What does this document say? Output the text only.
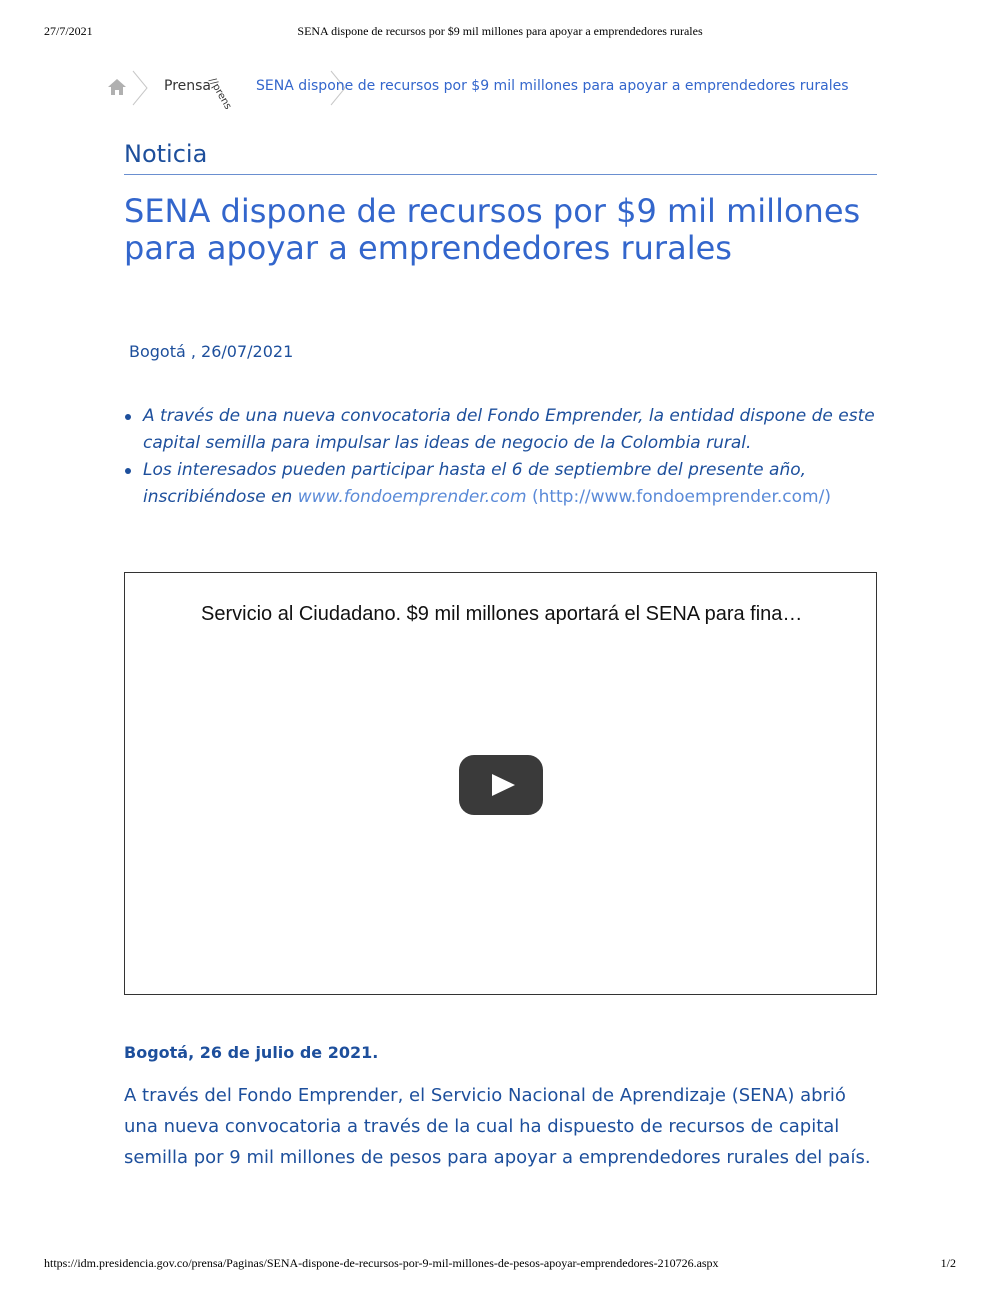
27/7/2021	SENA dispone de recursos por $9 mil millones para apoyar a emprendedores rurales
Prensa
//prens SENA dispone de recursos por $9 mil millones para apoyar a emprendedores rurales
Noticia
SENA dispone de recursos por $9 mil millones para apoyar a emprendedores rurales
Bogotá , 26/07/2021
A través de una nueva convocatoria del Fondo Emprender, la entidad dispone de este capital semilla para impulsar las ideas de negocio de la Colombia rural.
Los interesados pueden participar hasta el 6 de septiembre del presente año, inscribiéndose en www.fondoemprender.com (http://www.fondoemprender.com/)
Servicio al Ciudadano. $9 mil millones aportará el SENA para fina…
Bogotá, 26 de julio de 2021.

A través del Fondo Emprender, el Servicio Nacional de Aprendizaje (SENA) abrió una nueva convocatoria a través de la cual ha dispuesto de recursos de capital semilla por 9 mil millones de pesos para apoyar a emprendedores rurales del país.

https://idm.presidencia.gov.co/prensa/Paginas/SENA-dispone-de-recursos-por-9-mil-millones-de-pesos-apoyar-emprendedores-210726.aspx	1/2
